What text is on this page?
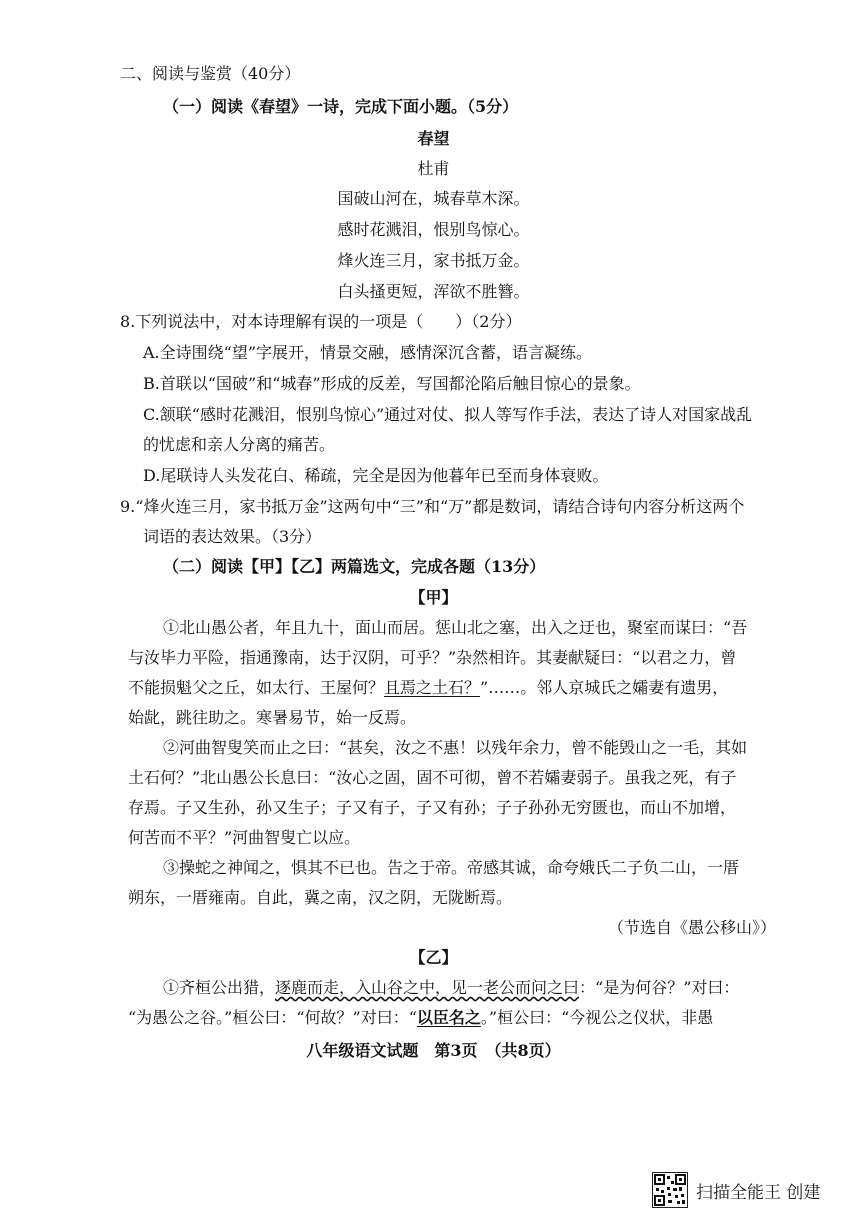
二、阅读与鉴赏（40分）
（一）阅读《春望》一诗，完成下面小题。（5分）
春望
杜甫
国破山河在，城春草木深。
感时花溅泪，恨别鸟惊心。
烽火连三月，家书抵万金。
白头搔更短，浑欲不胜簪。
8.下列说法中，对本诗理解有误的一项是（　　）（2分）
A.全诗围绕“望”字展开，情景交融，感情深沉含蓄，语言凝练。
B.首联以“国破”和“城春”形成的反差，写国都沦陷后触目惊心的景象。
C.颔联“感时花溅泪，恨别鸟惊心”通过对仗、拟人等写作手法，表达了诗人对国家战乱
的忧虑和亲人分离的痛苦。
D.尾联诗人头发花白、稀疏，完全是因为他暮年已至而身体衰败。
9.“烽火连三月，家书抵万金”这两句中“三”和“万”都是数词，请结合诗句内容分析这两个
词语的表达效果。（3分）
（二）阅读【甲】【乙】两篇选文，完成各题（13分）
【甲】
①北山愚公者，年且九十，面山而居。惩山北之塞，出入之迂也，聚室而谋曰：“吾
与汝毕力平险，指通豫南，达于汉阴，可乎？”杂然相许。其妻献疑曰：“以君之力，曾
不能损魁父之丘，如太行、王屋何？且焉之土石？”……。邻人京城氏之孀妻有遗男，
始龀，跳往助之。寒暑易节，始一反焉。
②河曲智叟笑而止之曰：“甚矣，汝之不惠！以残年余力，曾不能毁山之一毛，其如
土石何？”北山愚公长息曰：“汝心之固，固不可彻，曾不若孀妻弱子。虽我之死，有子
存焉。子又生孙，孙又生子；子又有子，子又有孙；子子孙孙无穷匮也，而山不加增，
何苦而不平？”河曲智叟亡以应。
③操蛇之神闻之，惧其不已也。告之于帝。帝感其诚，命夸娥氏二子负二山，一厝
朔东，一厝雍南。自此，冀之南，汉之阴，无陇断焉。
（节选自《愚公移山》）
【乙】
①齐桓公出猎，逐鹿而走，入山谷之中，见一老公而问之曰：“是为何谷？”对曰：
“为愚公之谷。”桓公曰：“何故？”对曰：“以臣名之。”桓公曰：“今视公之仪状，非愚
八年级语文试题　第3页　（共8页）
扫描全能王 创建
